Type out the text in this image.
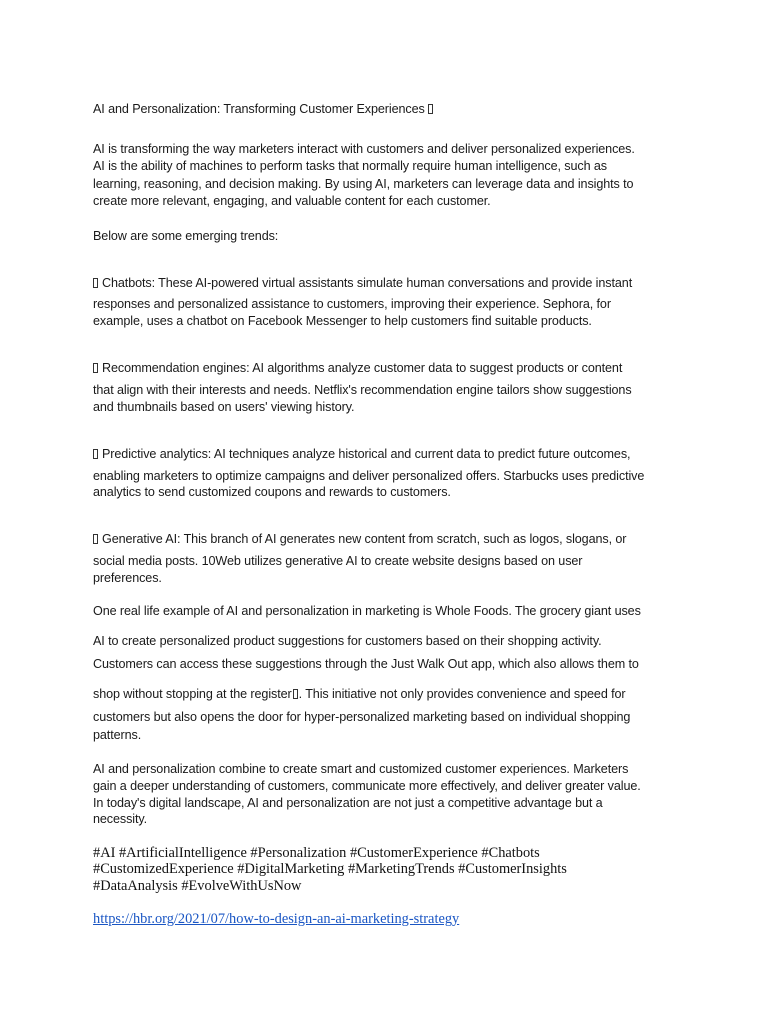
AI and Personalization: Transforming Customer Experiences
AI is transforming the way marketers interact with customers and deliver personalized experiences.
AI is the ability of machines to perform tasks that normally require human intelligence, such as
learning, reasoning, and decision making. By using AI, marketers can leverage data and insights to
create more relevant, engaging, and valuable content for each customer.
Below are some emerging trends:
Chatbots: These AI-powered virtual assistants simulate human conversations and provide instant
responses and personalized assistance to customers, improving their experience. Sephora, for
example, uses a chatbot on Facebook Messenger to help customers find suitable products.
Recommendation engines: AI algorithms analyze customer data to suggest products or content
that align with their interests and needs. Netflix's recommendation engine tailors show suggestions
and thumbnails based on users' viewing history.
Predictive analytics: AI techniques analyze historical and current data to predict future outcomes,
enabling marketers to optimize campaigns and deliver personalized offers. Starbucks uses predictive
analytics to send customized coupons and rewards to customers.
Generative AI: This branch of AI generates new content from scratch, such as logos, slogans, or
social media posts. 10Web utilizes generative AI to create website designs based on user
preferences.
One real life example of AI and personalization in marketing is Whole Foods. The grocery giant uses
AI to create personalized product suggestions for customers based on their shopping activity.
Customers can access these suggestions through the Just Walk Out app, which also allows them to
shop without stopping at the register . This initiative not only provides convenience and speed for
customers but also opens the door for hyper-personalized marketing based on individual shopping
patterns.
AI and personalization combine to create smart and customized customer experiences. Marketers
gain a deeper understanding of customers, communicate more effectively, and deliver greater value.
In today's digital landscape, AI and personalization are not just a competitive advantage but a
necessity.
#AI #ArtificialIntelligence #Personalization #CustomerExperience #Chatbots
#CustomizedExperience #DigitalMarketing #MarketingTrends #CustomerInsights
#DataAnalysis #EvolveWithUsNow
https://hbr.org/2021/07/how-to-design-an-ai-marketing-strategy
